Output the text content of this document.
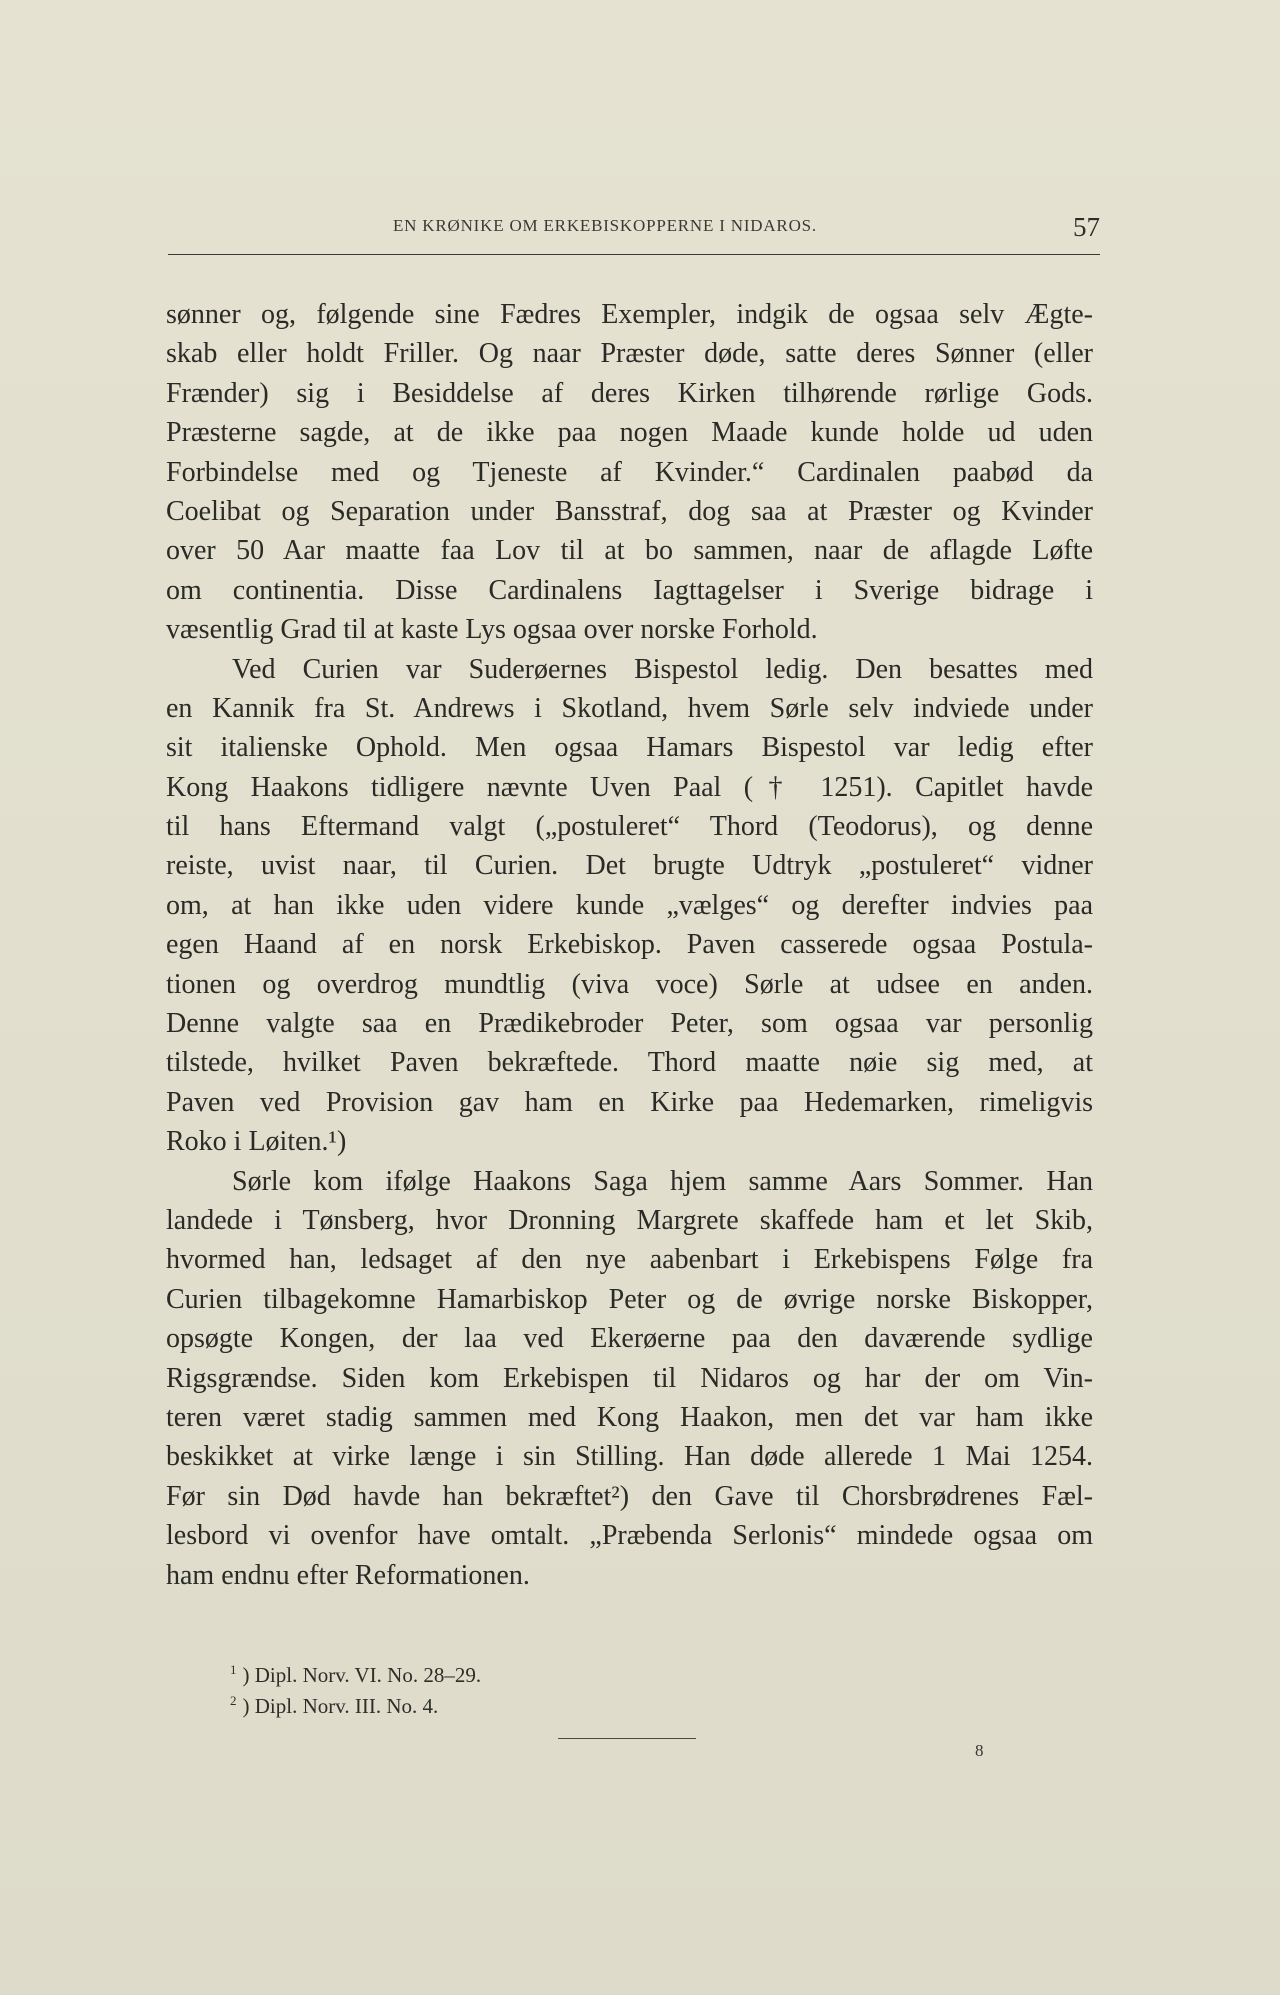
EN KRØNIKE OM ERKEBISKOPPERNE I NIDAROS.	57
sønner og, følgende sine Fædres Exempler, indgik de ogsaa selv Ægte-
skab eller holdt Friller. Og naar Præster døde, satte deres Sønner (eller
Frænder) sig i Besiddelse af deres Kirken tilhørende rørlige Gods.
Præsterne sagde, at de ikke paa nogen Maade kunde holde ud uden
Forbindelse med og Tjeneste af Kvinder.“ Cardinalen paabød da
Coelibat og Separation under Bansstraf, dog saa at Præster og Kvinder
over 50 Aar maatte faa Lov til at bo sammen, naar de aflagde Løfte
om continentia. Disse Cardinalens Iagttagelser i Sverige bidrage i
væsentlig Grad til at kaste Lys ogsaa over norske Forhold.
Ved Curien var Suderøernes Bispestol ledig. Den besattes med
en Kannik fra St. Andrews i Skotland, hvem Sørle selv indviede under
sit italienske Ophold. Men ogsaa Hamars Bispestol var ledig efter
Kong Haakons tidligere nævnte Uven Paal († 1251). Capitlet havde
til hans Eftermand valgt („postuleret“ Thord (Teodorus), og denne
reiste, uvist naar, til Curien. Det brugte Udtryk „postuleret“ vidner
om, at han ikke uden videre kunde „vælges“ og derefter indvies paa
egen Haand af en norsk Erkebiskop. Paven casserede ogsaa Postula-
tionen og overdrog mundtlig (viva voce) Sørle at udsee en anden.
Denne valgte saa en Prædikebroder Peter, som ogsaa var personlig
tilstede, hvilket Paven bekræftede. Thord maatte nøie sig med, at
Paven ved Provision gav ham en Kirke paa Hedemarken, rimeligvis
Roko i Løiten.¹)
Sørle kom ifølge Haakons Saga hjem samme Aars Sommer. Han
landede i Tønsberg, hvor Dronning Margrete skaffede ham et let Skib,
hvormed han, ledsaget af den nye aabenbart i Erkebispens Følge fra
Curien tilbagekomne Hamarbiskop Peter og de øvrige norske Biskopper,
opsøgte Kongen, der laa ved Ekerøerne paa den daværende sydlige
Rigsgrændse. Siden kom Erkebispen til Nidaros og har der om Vin-
teren været stadig sammen med Kong Haakon, men det var ham ikke
beskikket at virke længe i sin Stilling. Han døde allerede 1 Mai 1254.
Før sin Død havde han bekræftet²) den Gave til Chorsbrødrenes Fæl-
lesbord vi ovenfor have omtalt. „Præbenda Serlonis“ mindede ogsaa om
ham endnu efter Reformationen.
$^1$ ) Dipl. Norv. VI. No. 28–29.
$^2$ ) Dipl. Norv. III. No. 4.
8
